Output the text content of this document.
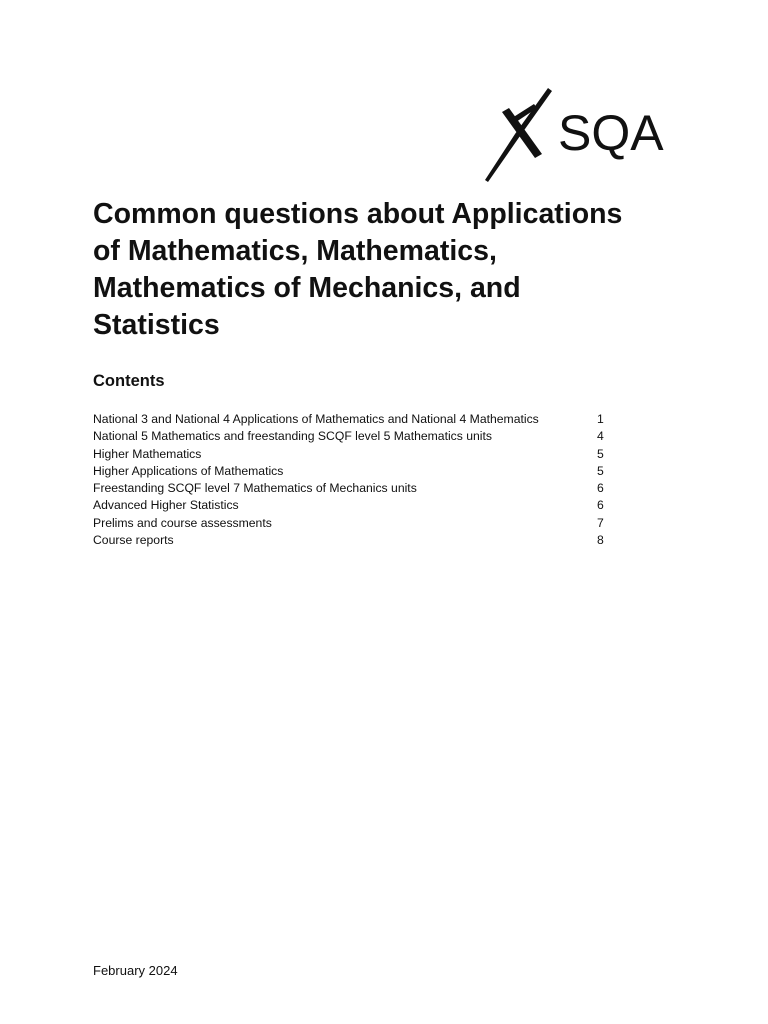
SQA
Common questions about Applications
of Mathematics, Mathematics,
Mathematics of Mechanics, and
Statistics
Contents
National 3 and National 4 Applications of Mathematics and National 4 Mathematics	1
National 5 Mathematics and freestanding SCQF level 5 Mathematics units	4
Higher Mathematics	5
Higher Applications of Mathematics	5
Freestanding SCQF level 7 Mathematics of Mechanics units	6
Advanced Higher Statistics	6
Prelims and course assessments	7
Course reports	8
February 2024
